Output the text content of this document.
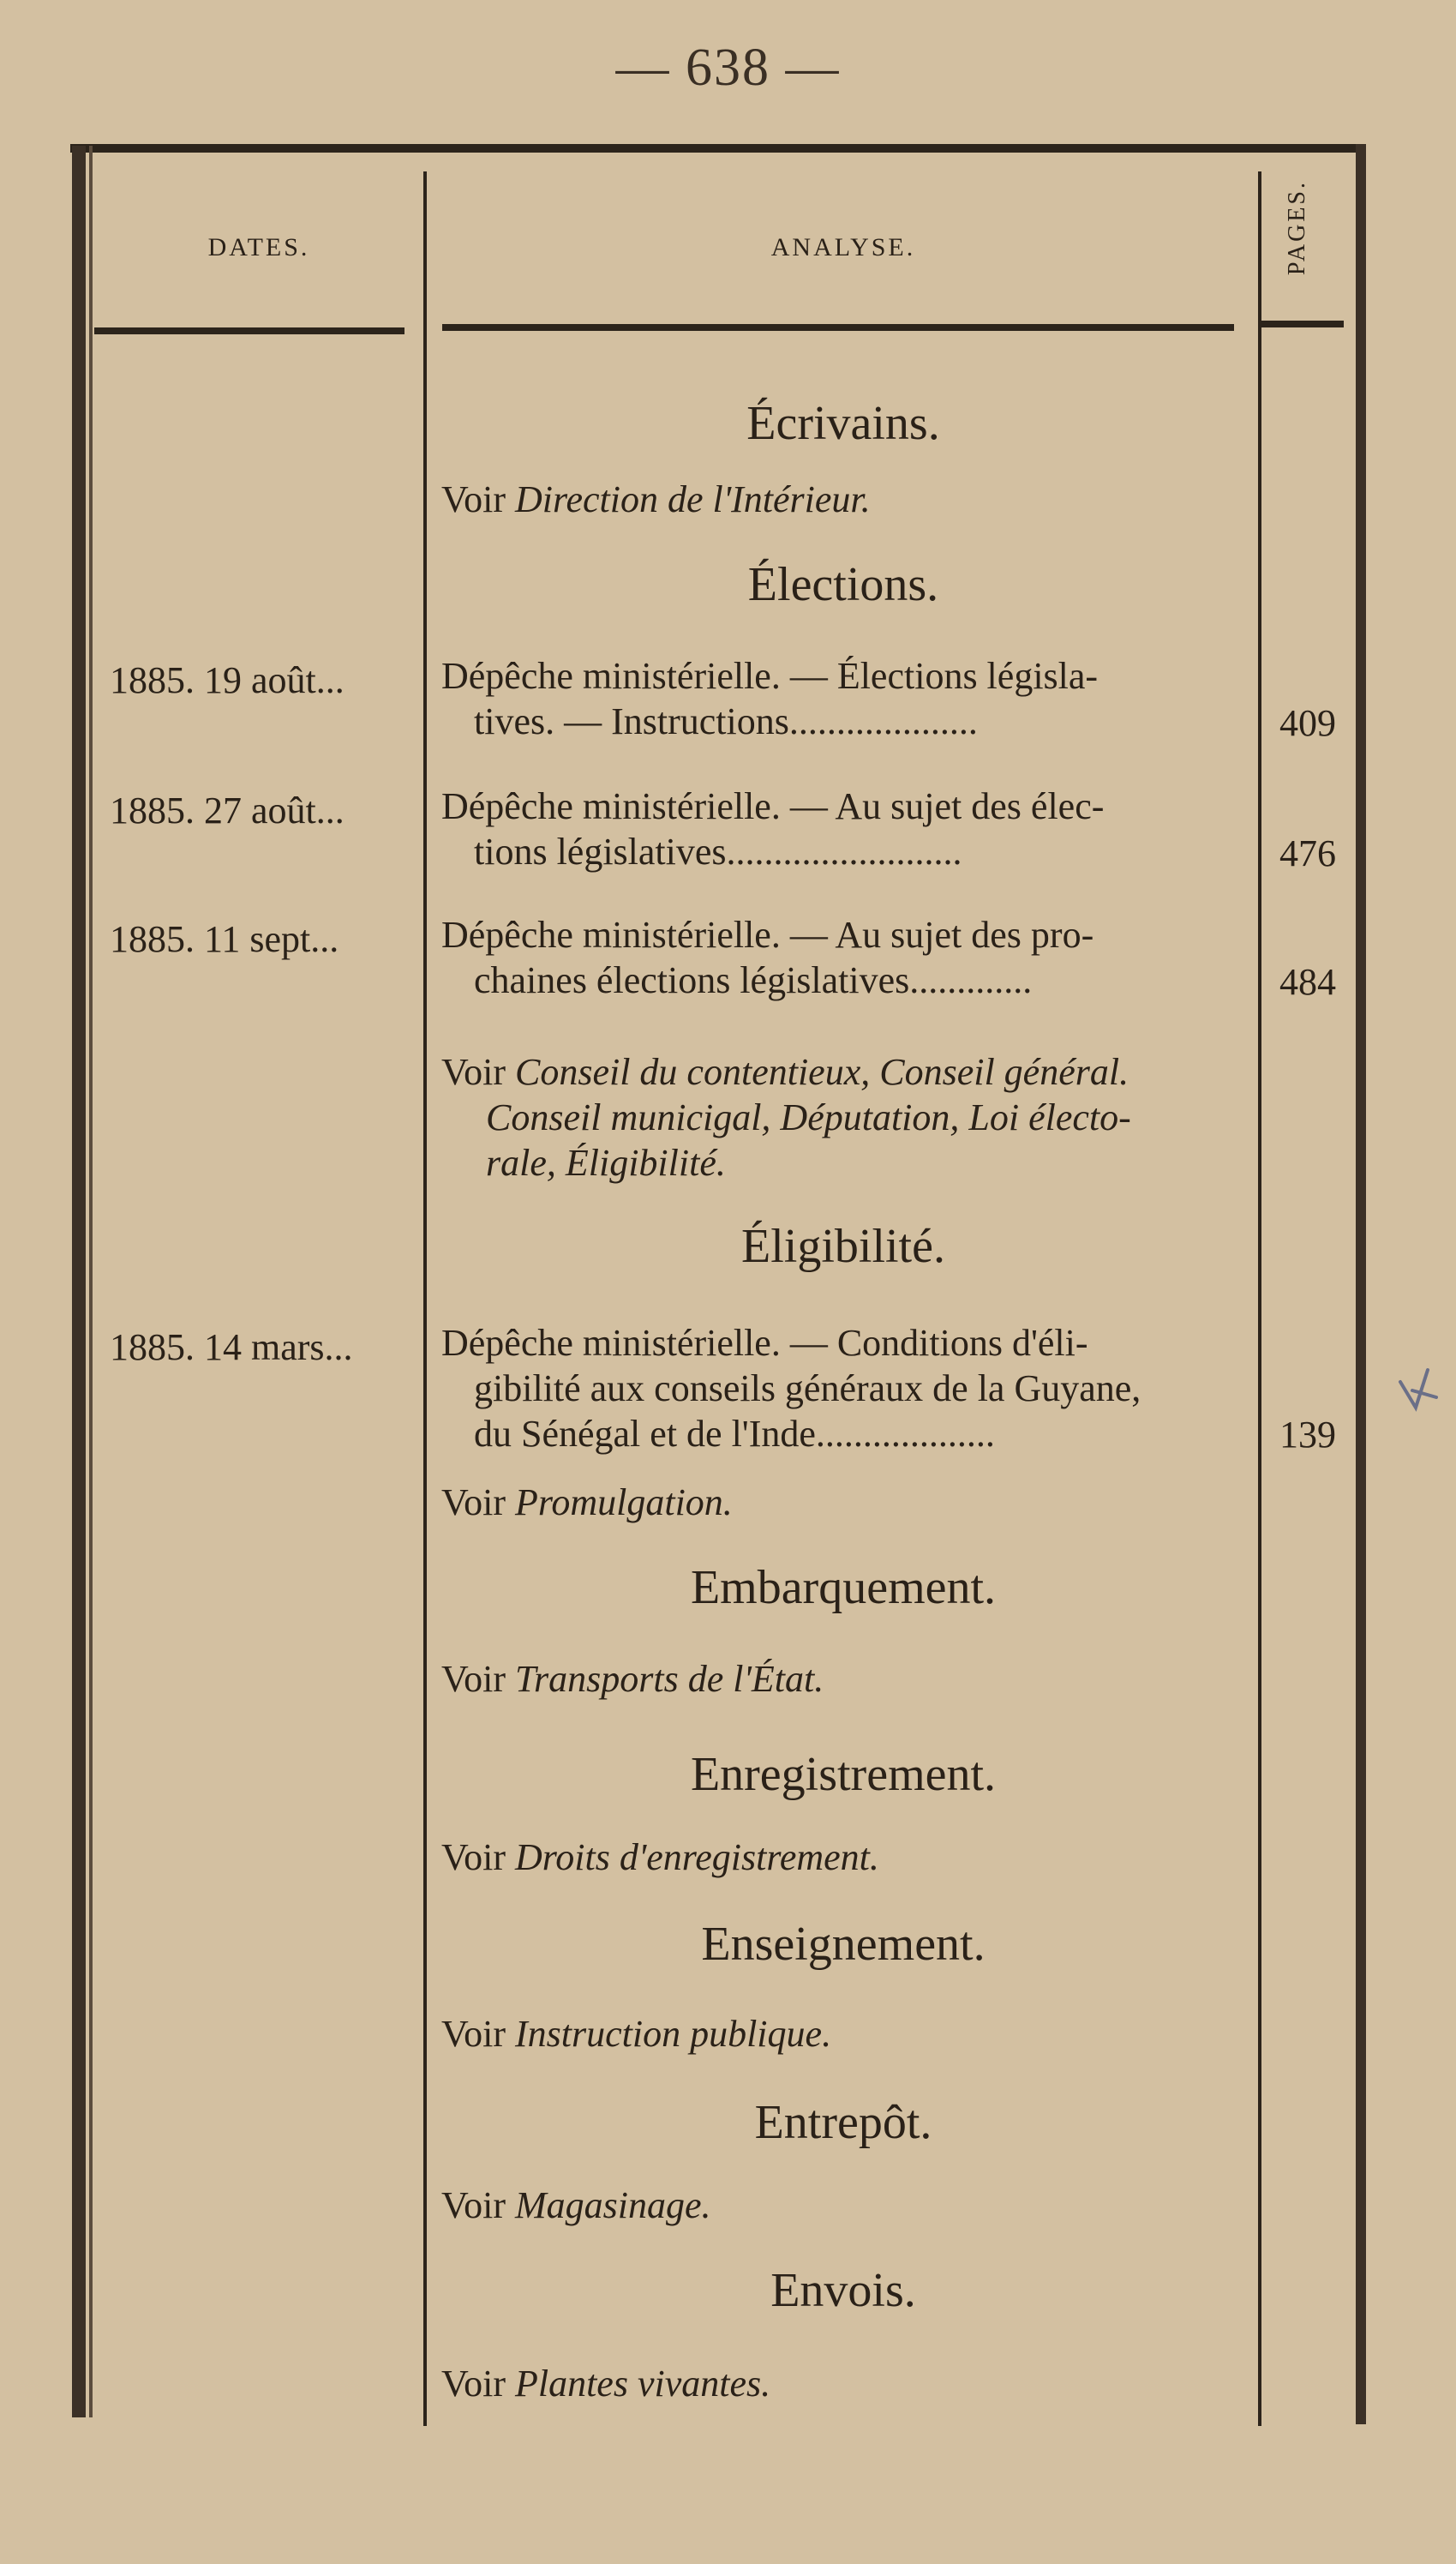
— 638 —
DATES.	ANALYSE.	PAGES.
Écrivains.
Voir Direction de l'Intérieur.
Élections.
1885. 19 août...	Dépêche ministérielle. — Élections législa-
tives. — Instructions....................	409
1885. 27 août...	Dépêche ministérielle. — Au sujet des élec-
tions législatives.........................	476
1885. 11 sept...	Dépêche ministérielle. — Au sujet des pro-
chaines élections législatives.............	484
Voir Conseil du contentieux, Conseil général.
Conseil municigal, Députation, Loi électo-
rale, Éligibilité.
Éligibilité.
1885. 14 mars... Dépêche ministérielle. — Conditions d'éli-
gibilité aux conseils généraux de la Guyane,
du Sénégal et de l'Inde...................	139
Voir Promulgation.
Embarquement.
Voir Transports de l'État.
Enregistrement.
Voir Droits d'enregistrement.
Enseignement.
Voir Instruction publique.
Entrepôt.
Voir Magasinage.
Envois.
Voir Plantes vivantes.
